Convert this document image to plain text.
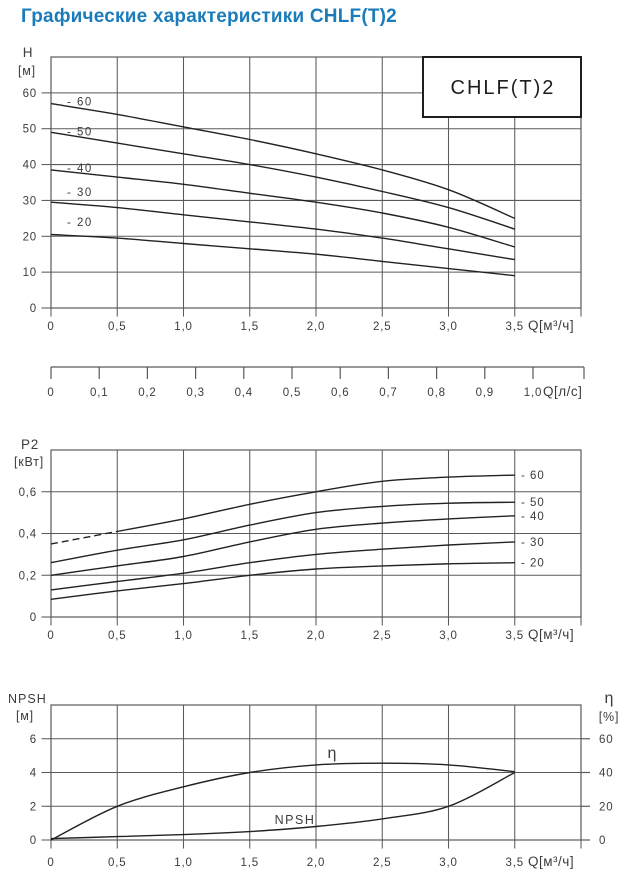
Графические характеристики CHLF(T)2
0	0,5	1,0	1,5	2,0	2,5	3,0	3,5 Q[м³/ч]
0
10
20
30
40
50
60
- 60
- 50
- 40
- 30
- 20
CHLF(T)2
H
[м]
0	0,1	0,2	0,3	0,4	0,5	0,6	0,7	0,8	0,9	1,0 Q[л/с]
0	0,5	1,0	1,5	2,0	2,5	3,0	3,5 Q[м³/ч]
0
0,2
0,4
0,6
- 60
- 50
- 40
- 30
- 20
P2
[кВт]
0	0,5	1,0	1,5	2,0	2,5	3,0	3,5 Q[м³/ч]
0
2
4
6
0
20
40
60
η
NPSH
NPSH
[м]
η
[%]
